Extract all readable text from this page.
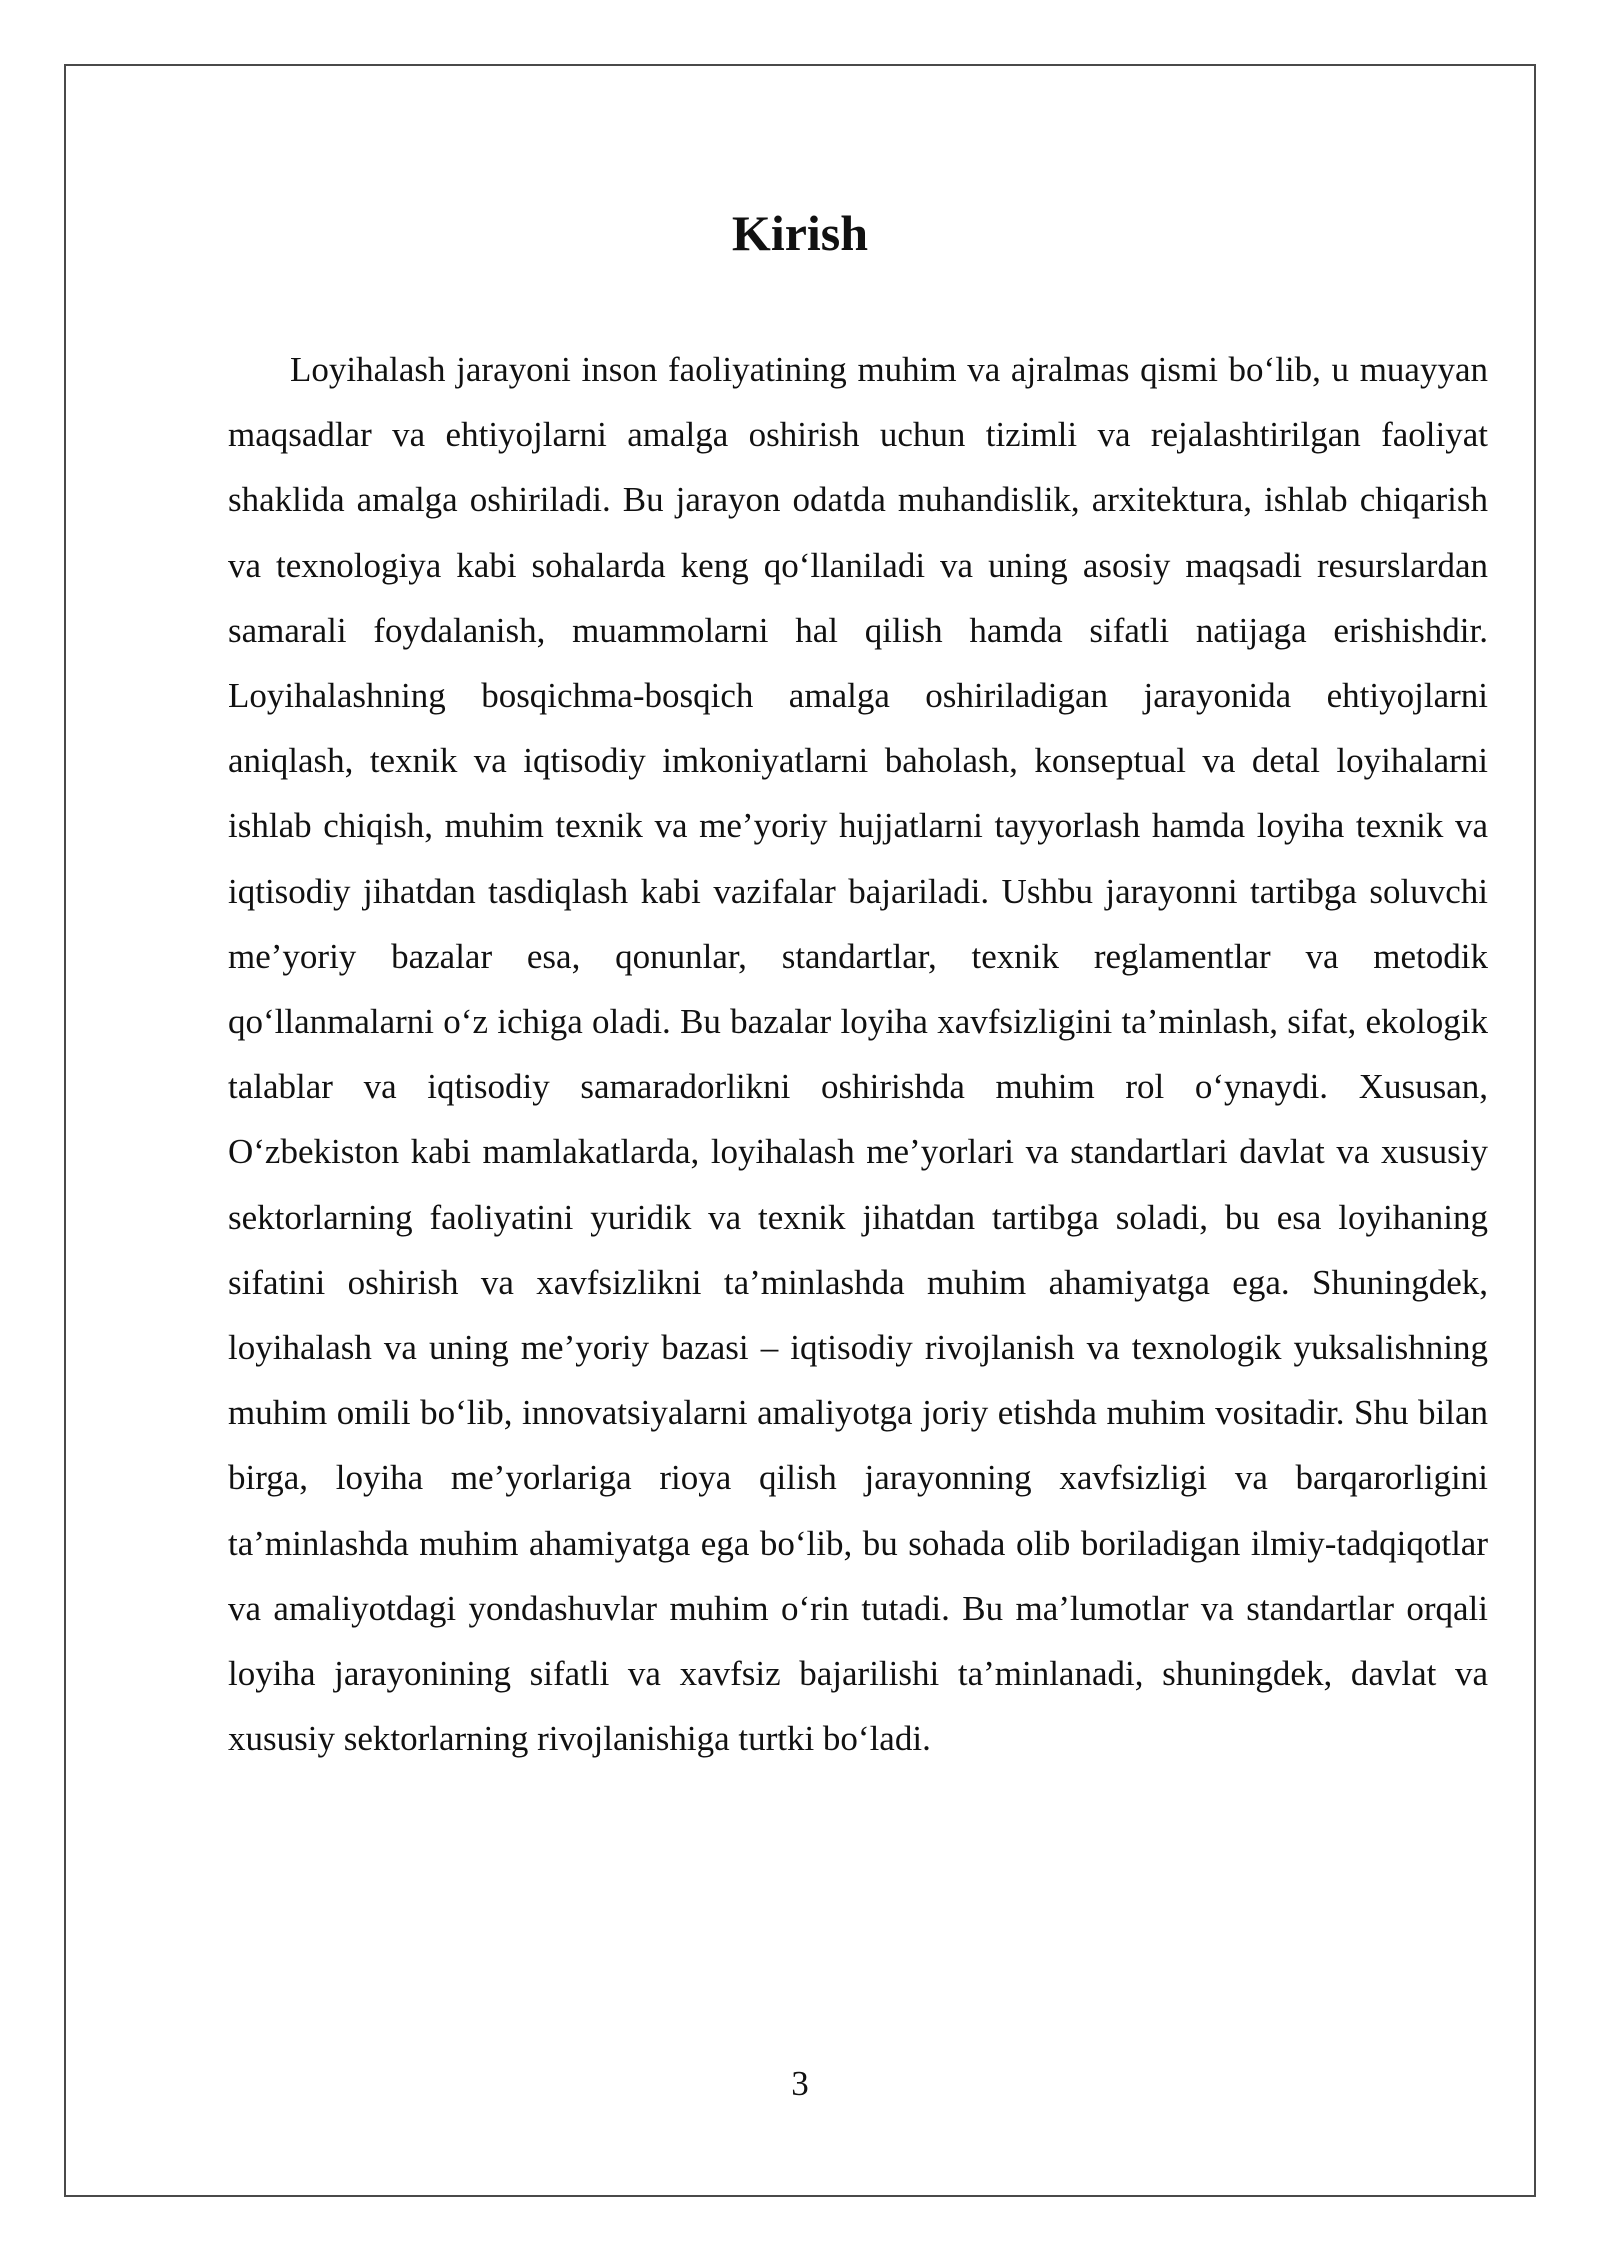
Kirish

Loyihalash jarayoni inson faoliyatining muhim va ajralmas qismi bo‘lib, u muayyan maqsadlar va ehtiyojlarni amalga oshirish uchun tizimli va rejalashtirilgan faoliyat shaklida amalga oshiriladi. Bu jarayon odatda muhandislik, arxitektura, ishlab chiqarish va texnologiya kabi sohalarda keng qo‘llaniladi va uning asosiy maqsadi resurslardan samarali foydalanish, muammolarni hal qilish hamda sifatli natijaga erishishdir. Loyihalashning bosqichma-bosqich amalga oshiriladigan jarayonida ehtiyojlarni aniqlash, texnik va iqtisodiy imkoniyatlarni baholash, konseptual va detal loyihalarni ishlab chiqish, muhim texnik va me’yoriy hujjatlarni tayyorlash hamda loyiha texnik va iqtisodiy jihatdan tasdiqlash kabi vazifalar bajariladi. Ushbu jarayonni tartibga soluvchi me’yoriy bazalar esa, qonunlar, standartlar, texnik reglamentlar va metodik qo‘llanmalarni o‘z ichiga oladi. Bu bazalar loyiha xavfsizligini ta’minlash, sifat, ekologik talablar va iqtisodiy samaradorlikni oshirishda muhim rol o‘ynaydi. Xususan, O‘zbekiston kabi mamlakatlarda, loyihalash me’yorlari va standartlari davlat va xususiy sektorlarning faoliyatini yuridik va texnik jihatdan tartibga soladi, bu esa loyihaning sifatini oshirish va xavfsizlikni ta’minlashda muhim ahamiyatga ega. Shuningdek, loyihalash va uning me’yoriy bazasi – iqtisodiy rivojlanish va texnologik yuksalishning muhim omili bo‘lib, innovatsiyalarni amaliyotga joriy etishda muhim vositadir. Shu bilan birga, loyiha me’yorlariga rioya qilish jarayonning xavfsizligi va barqarorligini ta’minlashda muhim ahamiyatga ega bo‘lib, bu sohada olib boriladigan ilmiy-tadqiqotlar va amaliyotdagi yondashuvlar muhim o‘rin tutadi. Bu ma’lumotlar va standartlar orqali loyiha jarayonining sifatli va xavfsiz bajarilishi ta’minlanadi, shuningdek, davlat va xususiy sektorlarning rivojlanishiga turtki bo‘ladi.

3
